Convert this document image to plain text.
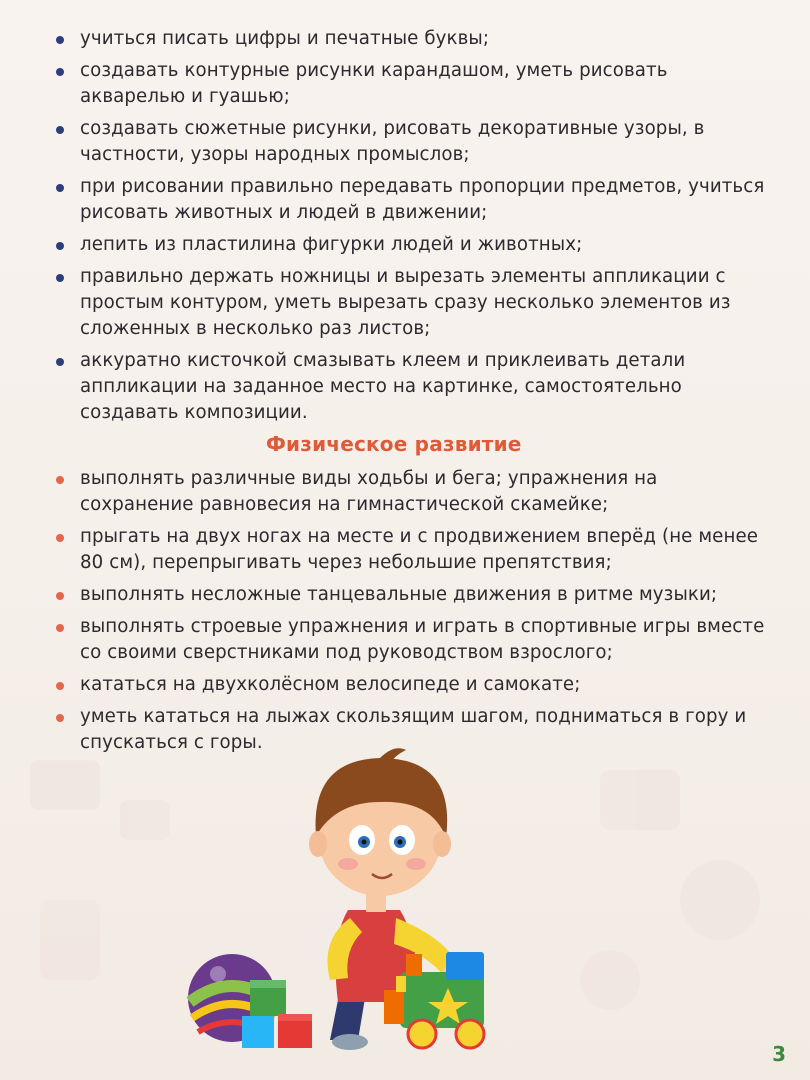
учиться писать цифры и печатные буквы;
создавать контурные рисунки карандашом, уметь рисовать акварелью и гуашью;
создавать сюжетные рисунки, рисовать декоративные узоры, в частности, узоры народных промыслов;
при рисовании правильно передавать пропорции предметов, учиться рисовать животных и людей в движении;
лепить из пластилина фигурки людей и животных;
правильно держать ножницы и вырезать элементы аппликации с простым контуром, уметь вырезать сразу несколько элементов из сложенных в несколько раз листов;
аккуратно кисточкой смазывать клеем и приклеивать детали аппликации на заданное место на картинке, самостоятельно создавать композиции.
Физическое развитие
выполнять различные виды ходьбы и бега; упражнения на сохранение равновесия на гимнастической скамейке;
прыгать на двух ногах на месте и с продвижением вперёд (не менее 80 см), перепрыгивать через небольшие препятствия;
выполнять несложные танцевальные движения в ритме музыки;
выполнять строевые упражнения и играть в спортивные игры вместе со своими сверстниками под руководством взрослого;
кататься на двухколёсном велосипеде и самокате;
уметь кататься на лыжах скользящим шагом, подниматься в гору и спускаться с горы.
3
